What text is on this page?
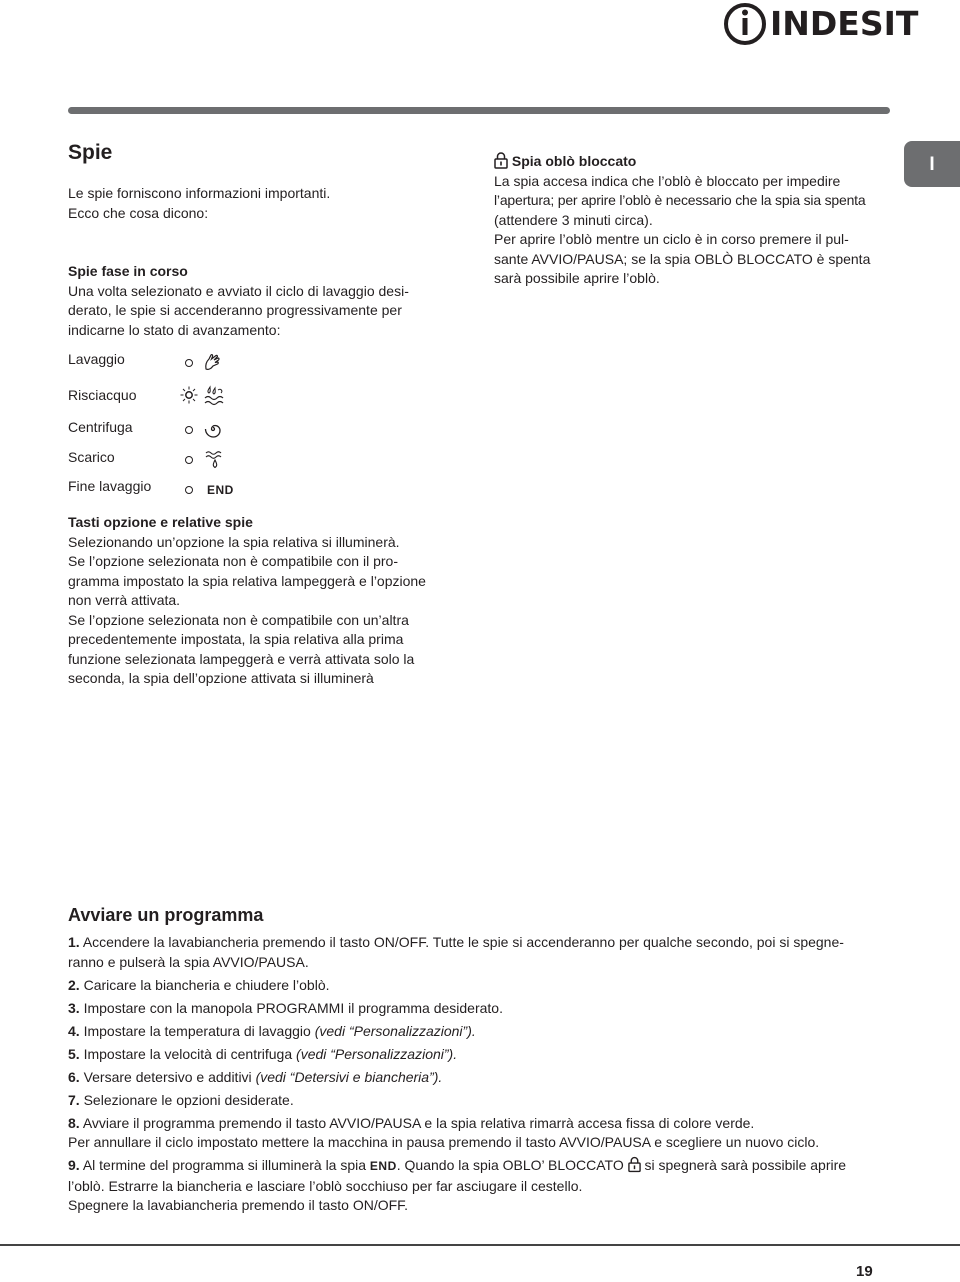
INDESIT
I
Spie

Le spie forniscono informazioni importanti.

Ecco che cosa dicono:

Spie fase in corso

Una volta selezionato e avviato il ciclo di lavaggio desi-

derato, le spie si accenderanno progressivamente per

indicarne lo stato di avanzamento:

Spia oblò bloccato

La spia accesa indica che l’oblò è bloccato per impedire

l’apertura; per aprire l’oblò è necessario che la spia sia spenta

(attendere 3 minuti circa).

Per aprire l’oblò mentre un ciclo è in corso premere il pul-

sante AVVIO/PAUSA; se la spia OBLÒ BLOCCATO è spenta

sarà possibile aprire l’oblò.

Lavaggio
Risciacquo
Centrifuga
Scarico
Fine lavaggio	END

Tasti opzione e relative spie

Selezionando un’opzione la spia relativa si illuminerà.

Se l’opzione selezionata non è compatibile con il pro-

gramma impostato la spia relativa lampeggerà e l’opzione

non verrà attivata.

Se l’opzione selezionata non è compatibile con un’altra

precedentemente impostata, la spia relativa alla prima

funzione selezionata lampeggerà e verrà attivata solo la

seconda, la spia dell’opzione attivata si illuminerà

Avviare un programma
1. Accendere la lavabiancheria premendo il tasto ON/OFF. Tutte le spie si accenderanno per qualche secondo, poi si spegne-
ranno e pulserà la spia AVVIO/PAUSA.
2. Caricare la biancheria e chiudere l’oblò.
3. Impostare con la manopola PROGRAMMI il programma desiderato.
4. Impostare la temperatura di lavaggio (vedi “Personalizzazioni”).
5. Impostare la velocità di centrifuga (vedi “Personalizzazioni”).
6. Versare detersivo e additivi (vedi “Detersivi e biancheria”).
7. Selezionare le opzioni desiderate.
8. Avviare il programma premendo il tasto AVVIO/PAUSA e la spia relativa rimarrà accesa fissa di colore verde.
Per annullare il ciclo impostato mettere la macchina in pausa premendo il tasto AVVIO/PAUSA e scegliere un nuovo ciclo.
9. Al termine del programma si illuminerà la spia END. Quando la spia OBLO’ BLOCCATO  si spegnerà sarà possibile aprire
l’oblò. Estrarre la biancheria e lasciare l’oblò socchiuso per far asciugare il cestello.
Spegnere la lavabiancheria premendo il tasto ON/OFF.
19
